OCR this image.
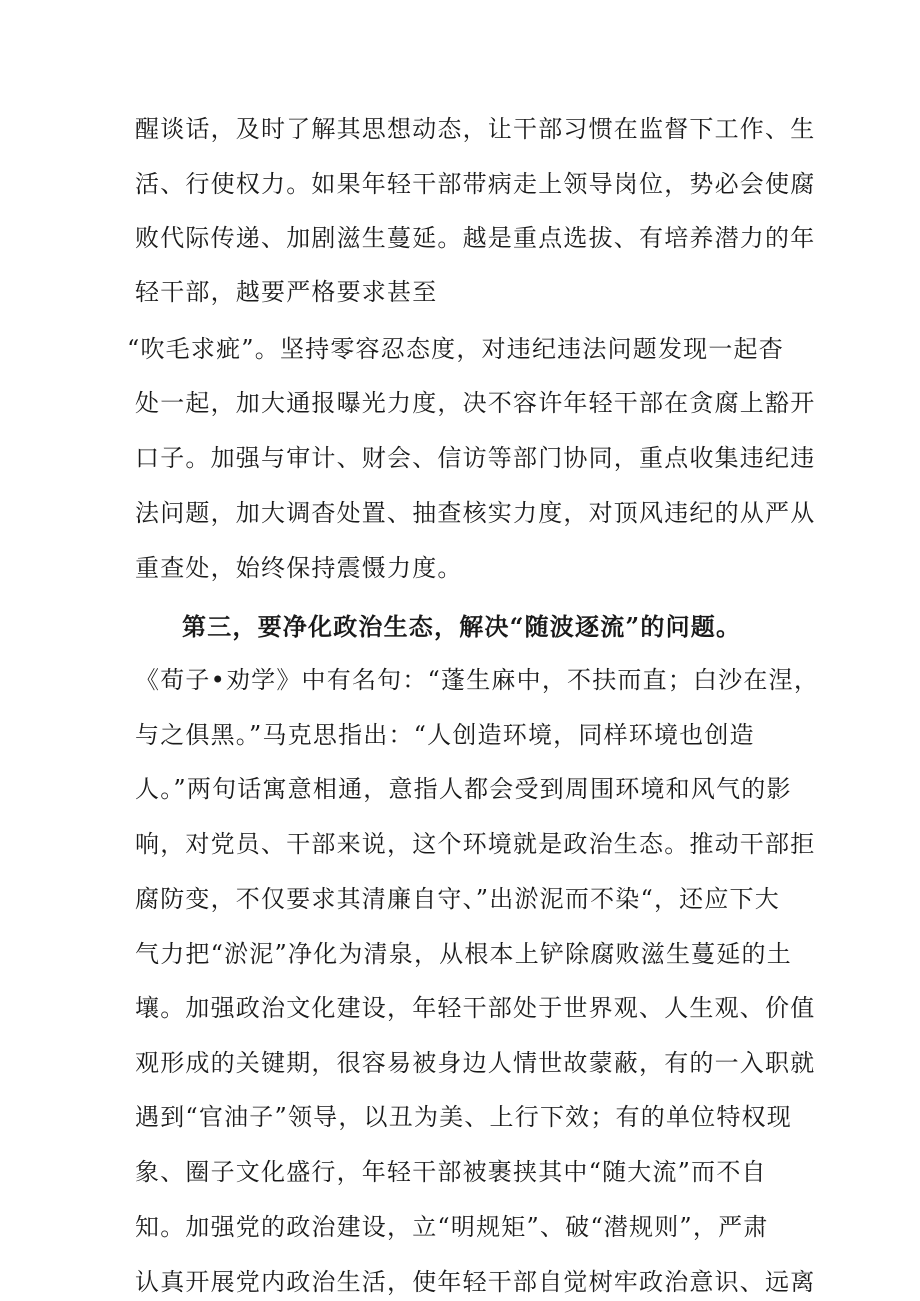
醒谈话，及时了解其思想动态，让干部习惯在监督下工作、生

活、行使权力。如果年轻干部带病走上领导岗位，势必会使腐

败代际传递、加剧滋生蔓延。越是重点选拔、有培养潜力的年

轻干部，越要严格要求甚至

“吹毛求疵”。坚持零容忍态度，对违纪违法问题发现一起杳

处一起，加大通报曝光力度，决不容许年轻干部在贪腐上豁开

口子。加强与审计、财会、信访等部门协同，重点收集违纪违

法问题，加大调杳处置、抽查核实力度，对顶风违纪的从严从

重查处，始终保持震慑力度。

第三，要净化政治生态，解决“随波逐流”的问题。

《荀子•劝学》中有名句：“蓬生麻中，不扶而直；白沙在涅，

与之俱黑。”马克思指出：“人创造环境，同样环境也创造

人。”两句话寓意相通，意指人都会受到周围环境和风气的影

响，对党员、干部来说，这个环境就是政治生态。推动干部拒

腐防变，不仅要求其清廉自守、”出淤泥而不染“，还应下大

气力把“淤泥”净化为清泉，从根本上铲除腐败滋生蔓延的土

壤。加强政治文化建设，年轻干部处于世界观、人生观、价值

观形成的关键期，很容易被身边人情世故蒙蔽，有的一入职就

遇到“官油子”领导，以丑为美、上行下效；有的单位特权现

象、圈子文化盛行，年轻干部被裹挟其中“随大流”而不自

知。加强党的政治建设，立“明规矩”、破“潜规则”，严肃

认真开展党内政治生活，使年轻干部自觉树牢政治意识、远离
